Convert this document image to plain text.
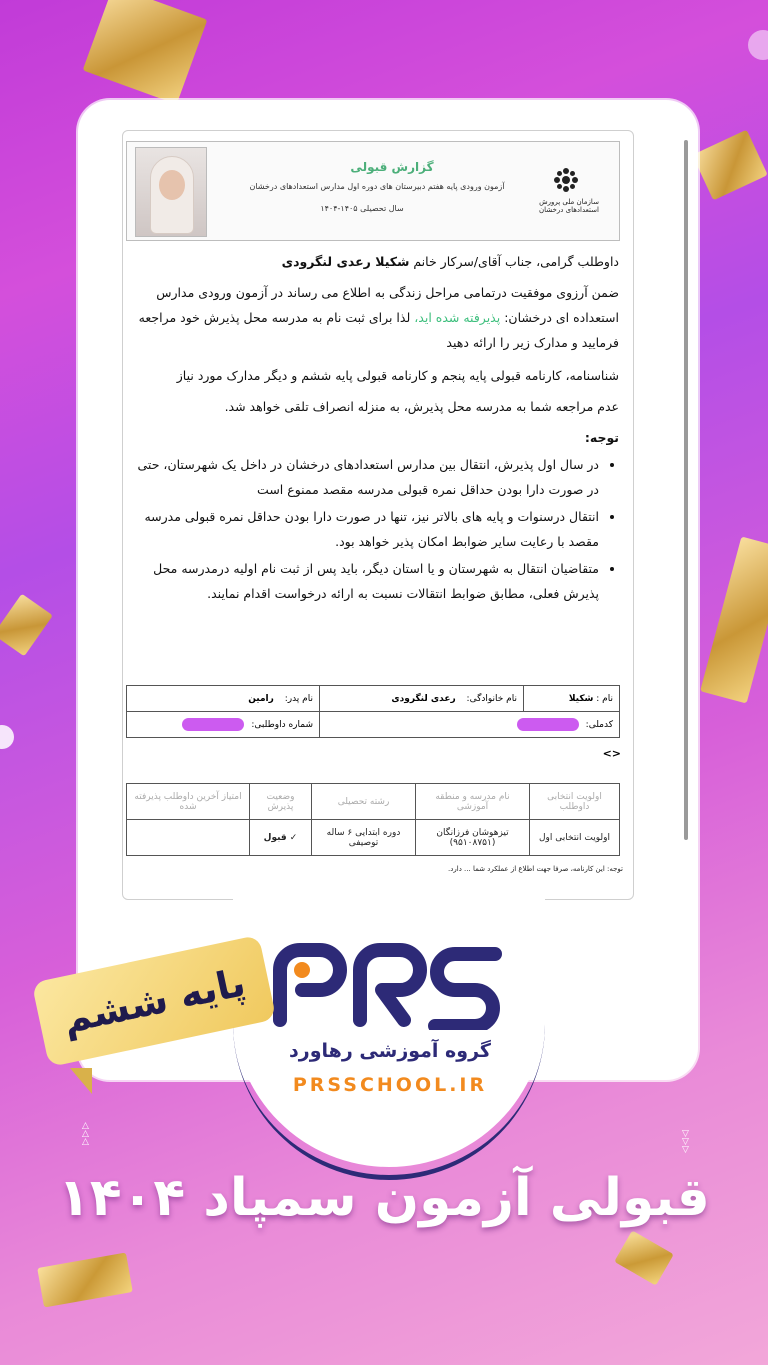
گزارش قبولی
آزمون ورودی پایه هفتم دبیرستان های دوره اول مدارس استعدادهای درخشان
سال تحصیلی ۱۴۰۵-۱۴۰۴
سازمان ملی پرورش استعدادهای درخشان
داوطلب گرامی، جناب آقای/سرکار خانم شکیلا رعدی لنگرودی
ضمن آرزوی موفقیت درتمامی مراحل زندگی به اطلاع می رساند در آزمون ورودی مدارس استعداده ای درخشان: پذیرفته شده اید، لذا برای ثبت نام به مدرسه محل پذیرش خود مراجعه فرمایید و مدارک زیر را ارائه دهید
شناسنامه، کارنامه قبولی پایه پنجم و کارنامه قبولی پایه ششم و دیگر مدارک مورد نیاز
عدم مراجعه شما به مدرسه محل پذیرش، به منزله انصراف تلقی خواهد شد.
توجه:
• در سال اول پذیرش، انتقال بین مدارس استعدادهای درخشان در داخل یک شهرستان، حتی در صورت دارا بودن حداقل نمره قبولی مدرسه مقصد ممنوع است
• انتقال درسنوات و پایه های بالاتر نیز، تنها در صورت دارا بودن حداقل نمره قبولی مدرسه مقصد با رعایت سایر ضوابط امکان پذیر خواهد بود.
• متقاضیان انتقال به شهرستان و یا استان دیگر، باید پس از ثبت نام اولیه درمدرسه محل پذیرش فعلی، مطابق ضوابط انتقالات نسبت به ارائه درخواست اقدام نمایند.
نام : شکیلا	نام خانوادگی: رعدی لنگرودی	نام پدر: رامین
کدملی:		شماره داوطلبی:
<>
اولویت انتخابی داوطلب	نام مدرسه و منطقه آموزشی	رشته تحصیلی	وضعیت پذیرش	امتیاز آخرین داوطلب پذیرفته شده
اولویت انتخابی اول	تیزهوشان فرزانگان (۹۵۱۰۸۷۵۱)	دوره ابتدایی ۶ ساله توصیفی	✓ قبول	
توجه: این کارنامه، صرفا جهت اطلاع از عملکرد شما ... دارد.
PRS
گروه آموزشی رهاورد
PRSSCHOOL.IR
پایه ششم
△
△
△
▽
▽
▽
قبولی آزمون سمپاد ۱۴۰۴
